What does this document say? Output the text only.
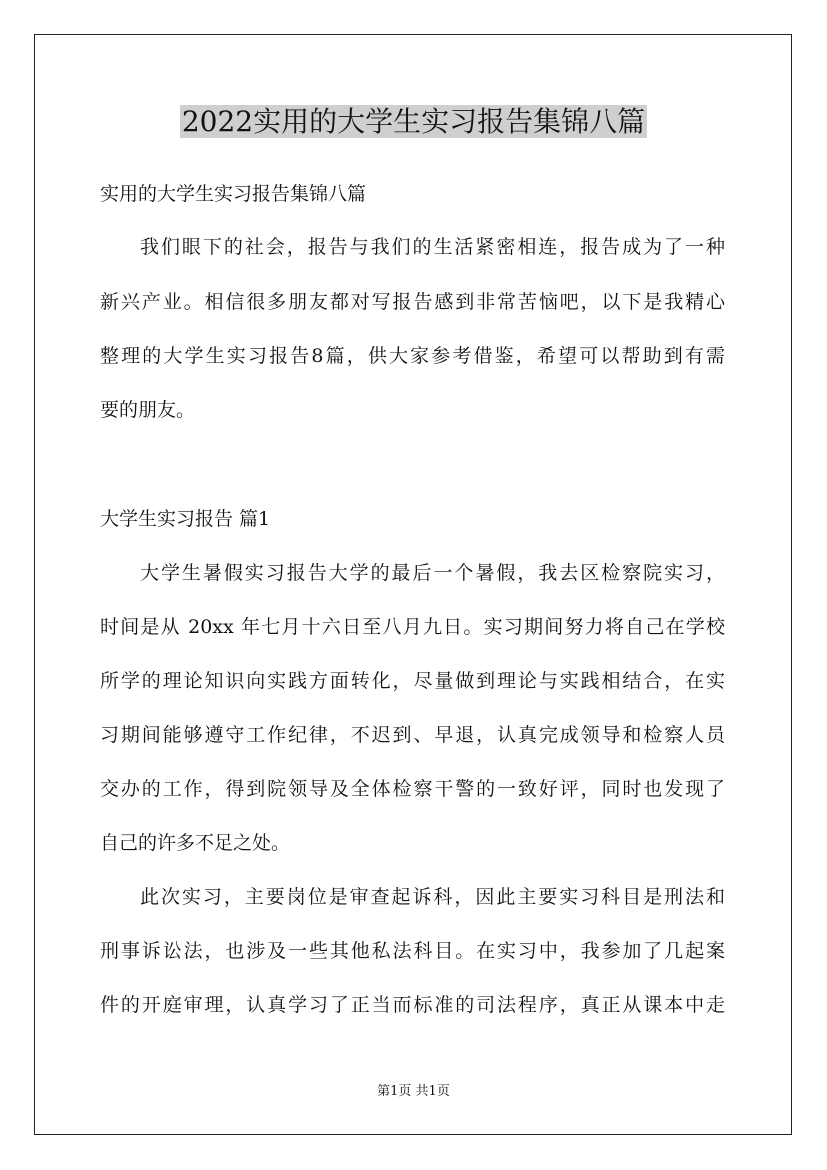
2022实用的大学生实习报告集锦八篇
实用的大学生实习报告集锦八篇
我们眼下的社会，报告与我们的生活紧密相连，报告成为了一种
新兴产业。相信很多朋友都对写报告感到非常苦恼吧，以下是我精心
整理的大学生实习报告8篇，供大家参考借鉴，希望可以帮助到有需
要的朋友。
大学生实习报告 篇1
大学生暑假实习报告大学的最后一个暑假，我去区检察院实习，
时间是从 20xx 年七月十六日至八月九日。实习期间努力将自己在学校
所学的理论知识向实践方面转化，尽量做到理论与实践相结合，在实
习期间能够遵守工作纪律，不迟到、早退，认真完成领导和检察人员
交办的工作，得到院领导及全体检察干警的一致好评，同时也发现了
自己的许多不足之处。
此次实习，主要岗位是审查起诉科，因此主要实习科目是刑法和
刑事诉讼法，也涉及一些其他私法科目。在实习中，我参加了几起案
件的开庭审理，认真学习了正当而标准的司法程序，真正从课本中走
第1页 共1页
